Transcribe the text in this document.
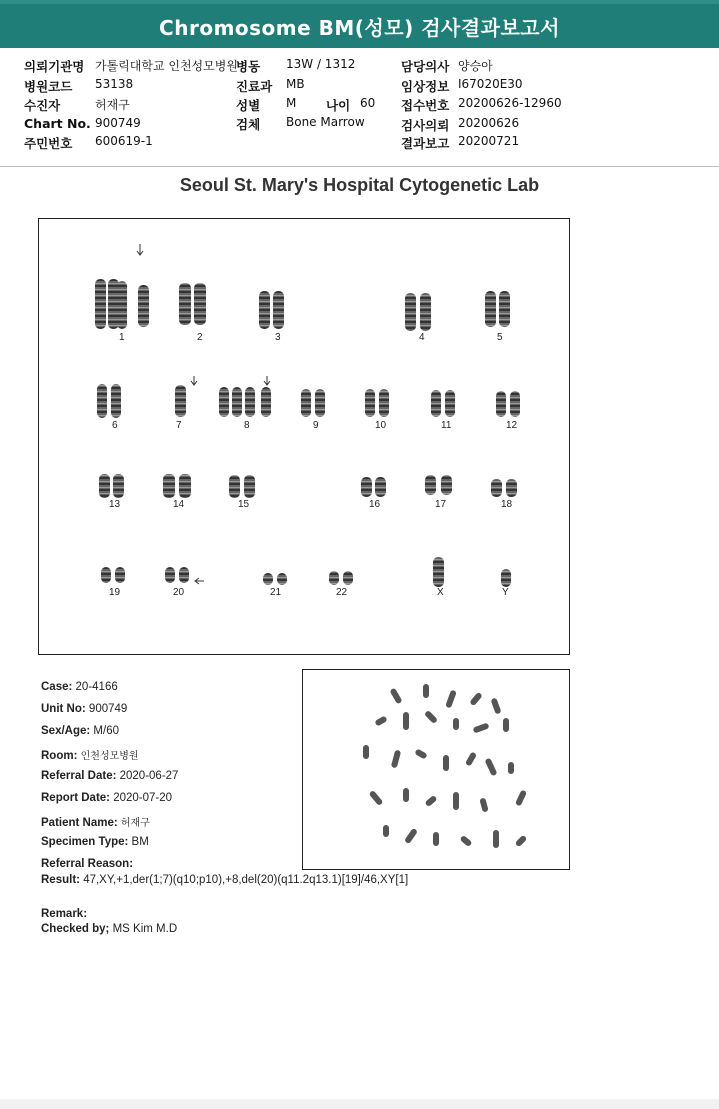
Chromosome BM(성모) 검사결과보고서
의뢰기관명 가톨릭대학교 인천성모병원
병원코드 53138
수진자	허재구
Chart No. 900749
주민번호 600619-1
병동 13W / 1312
진료과 MB
성별 M 나이 60
검체 Bone Marrow
담당의사 양승아
임상정보 I67020E30
접수번호 20200626-12960
검사의뢰 20200626
결과보고 20200721
Seoul St. Mary's Hospital Cytogenetic Lab
1	2	3	4	5
6	7	8	9	10	11	12
13	14	15	16	17	18
19	20	21	22	X	Y
Case: 20-4166
Unit No: 900749
Sex/Age: M/60
Room: 인천성모병원
Referral Date: 2020-06-27
Report Date: 2020-07-20
Patient Name: 허재구
Specimen Type: BM
Referral Reason:
Result: 47,XY,+1,der(1;7)(q10;p10),+8,del(20)(q11.2q13.1)[19]/46,XY[1]
Remark:
Checked by; MS Kim M.D
